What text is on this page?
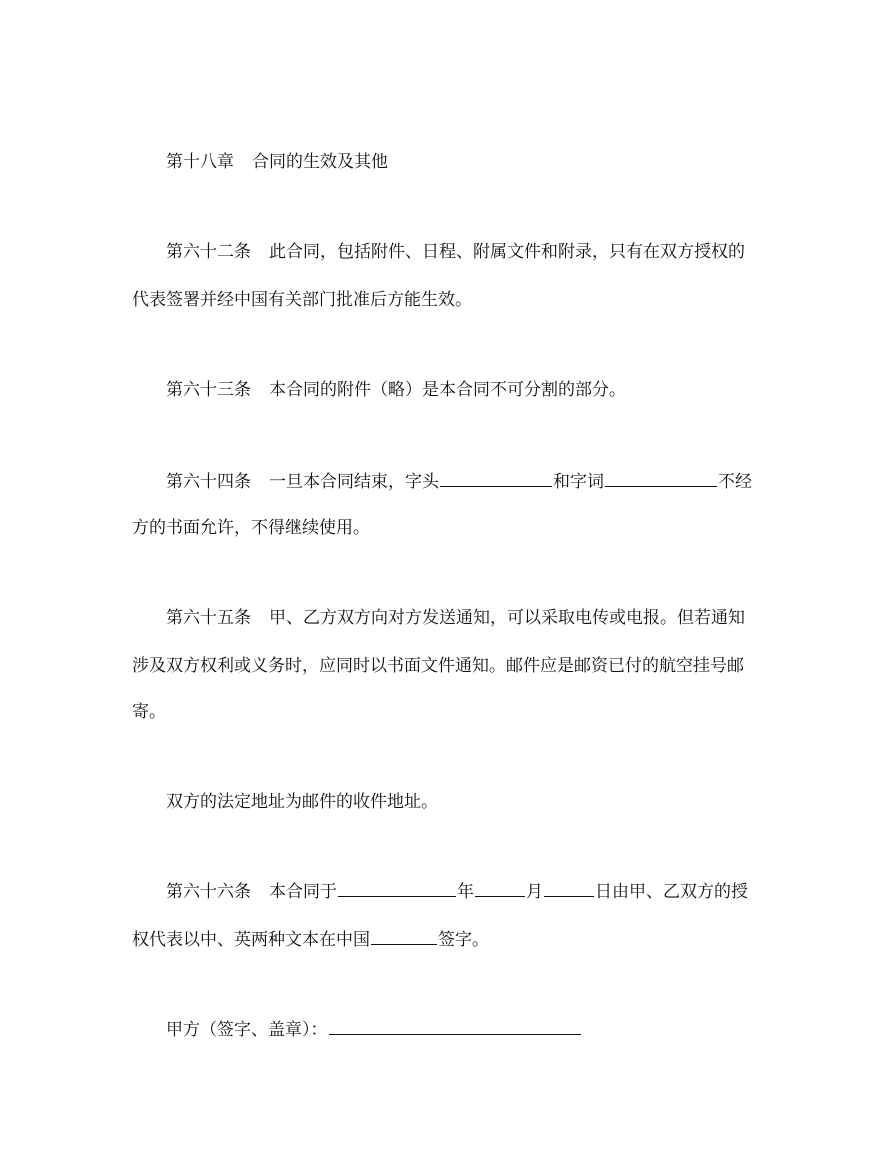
第十八章 合同的生效及其他
第六十二条 此合同，包括附件、日程、附属文件和附录，只有在双方授权的
代表签署并经中国有关部门批准后方能生效。
第六十三条 本合同的附件（略）是本合同不可分割的部分。
第六十四条 一旦本合同结束，字头	和字词	不经
方的书面允许，不得继续使用。
第六十五条 甲、乙方双方向对方发送通知，可以采取电传或电报。但若通知
涉及双方权利或义务时，应同时以书面文件通知。邮件应是邮资已付的航空挂号邮
寄。
双方的法定地址为邮件的收件地址。
第六十六条 本合同于	年	月	日由甲、乙双方的授
权代表以中、英两种文本在中国	签字。
甲方（签字、盖章）：
